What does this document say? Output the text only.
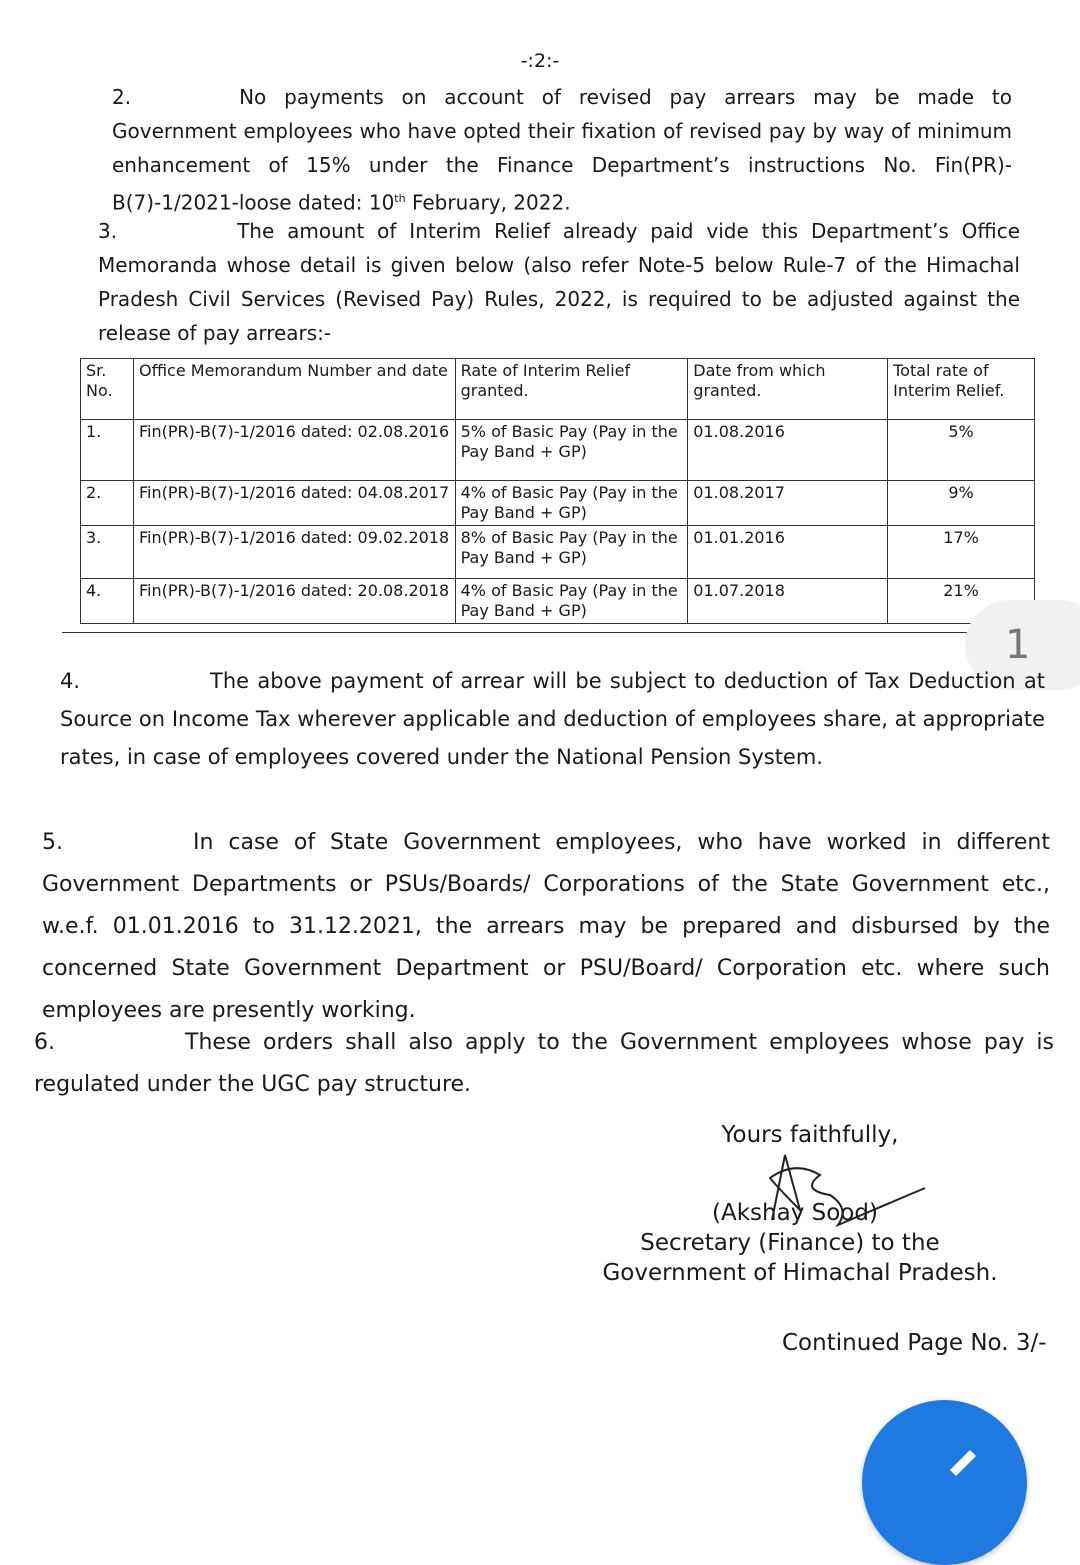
-:2:-
2.	No payments on account of revised pay arrears may be made to Government employees who have opted their fixation of revised pay by way of minimum enhancement of 15% under the Finance Department’s instructions No. Fin(PR)-B(7)-1/2021-loose dated: 10th February, 2022.
3.	The amount of Interim Relief already paid vide this Department’s Office Memoranda whose detail is given below (also refer Note-5 below Rule-7 of the Himachal Pradesh Civil Services (Revised Pay) Rules, 2022, is required to be adjusted against the release of pay arrears:-
Sr. No.	Office Memorandum Number and date	Rate of Interim Relief granted.	Date from which granted.	Total rate of Interim Relief.
1.	Fin(PR)-B(7)-1/2016 dated: 02.08.2016	5% of Basic Pay (Pay in the Pay Band + GP)	01.08.2016	5%
2.	Fin(PR)-B(7)-1/2016 dated: 04.08.2017	4% of Basic Pay (Pay in the Pay Band + GP)	01.08.2017	9%
3.	Fin(PR)-B(7)-1/2016 dated: 09.02.2018	8% of Basic Pay (Pay in the Pay Band + GP)	01.01.2016	17%
4.	Fin(PR)-B(7)-1/2016 dated: 20.08.2018	4% of Basic Pay (Pay in the Pay Band + GP)	01.07.2018	21%
1
4.	The above payment of arrear will be subject to deduction of Tax Deduction at Source on Income Tax wherever applicable and deduction of employees share, at appropriate rates, in case of employees covered under the National Pension System.
5.	In case of State Government employees, who have worked in different Government Departments or PSUs/Boards/ Corporations of the State Government etc., w.e.f. 01.01.2016 to 31.12.2021, the arrears may be prepared and disbursed by the concerned State Government Department or PSU/Board/ Corporation etc. where such employees are presently working.
6.	These orders shall also apply to the Government employees whose pay is regulated under the UGC pay structure.
Yours faithfully,
(Akshay Sood)
Secretary (Finance) to the
Government of Himachal Pradesh.
Continued Page No. 3/-
